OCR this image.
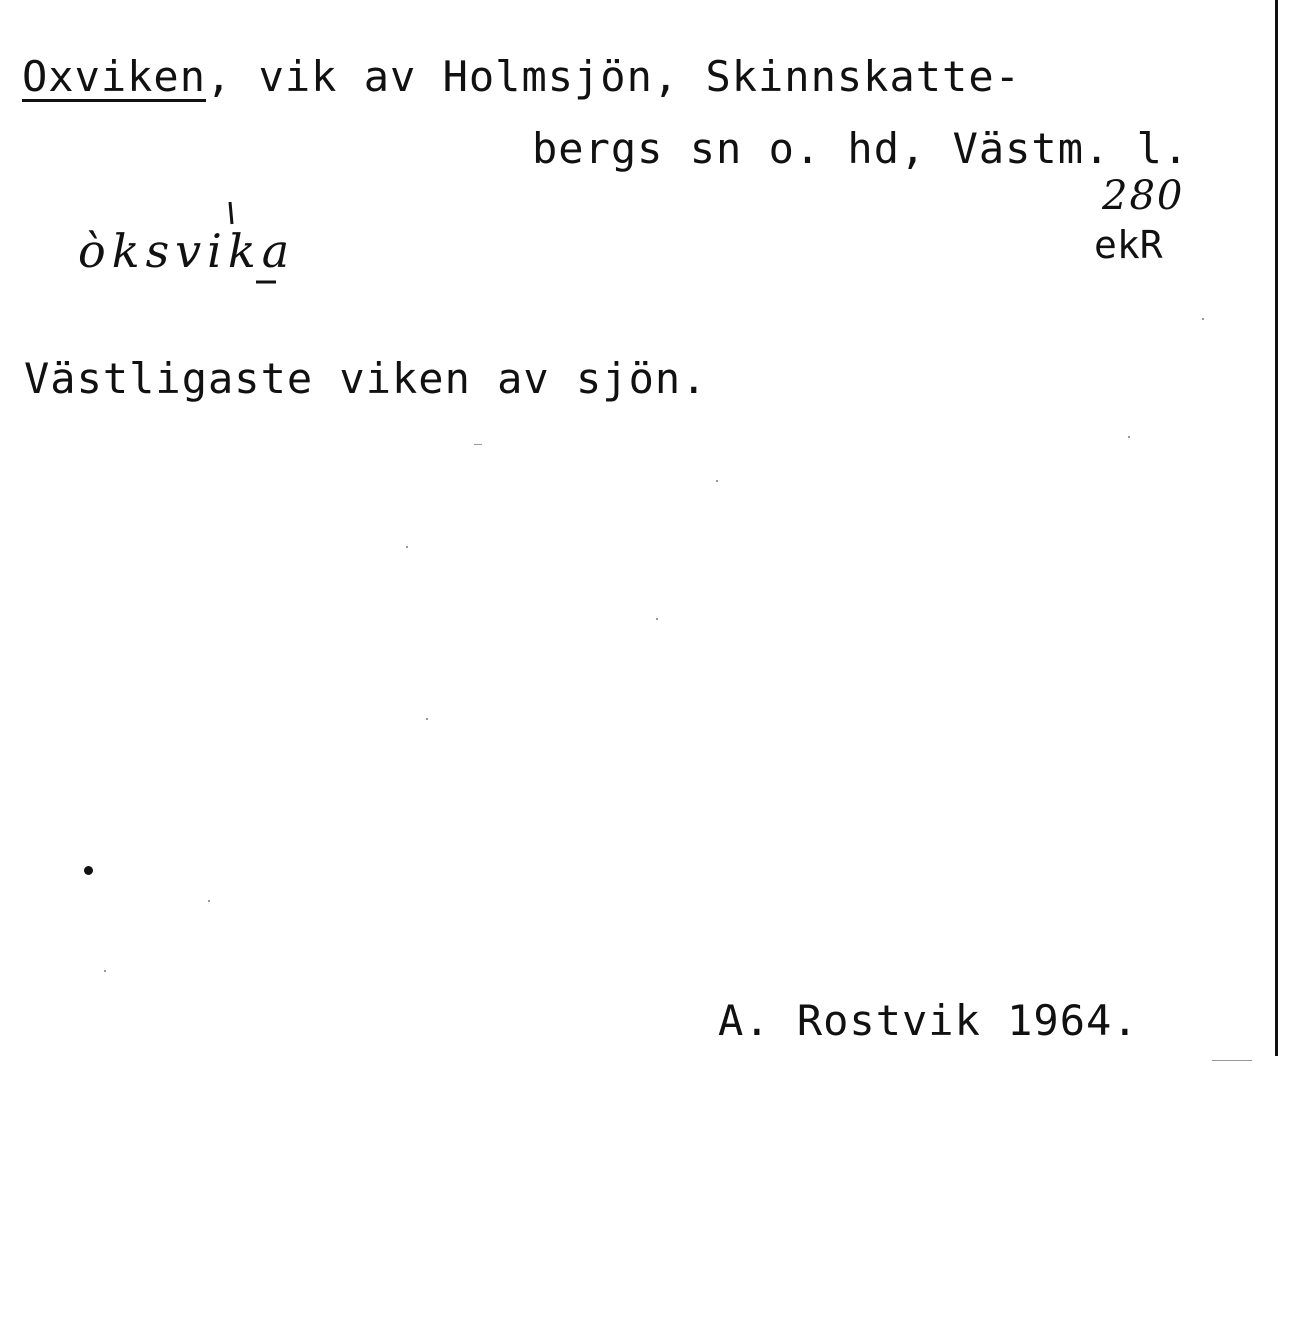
Oxviken, vik av Holmsjön, Skinnskatte-
bergs sn o. hd, Västm. l.
280
ekR
òksvika
Västligaste viken av sjön.
A. Rostvik 1964.
